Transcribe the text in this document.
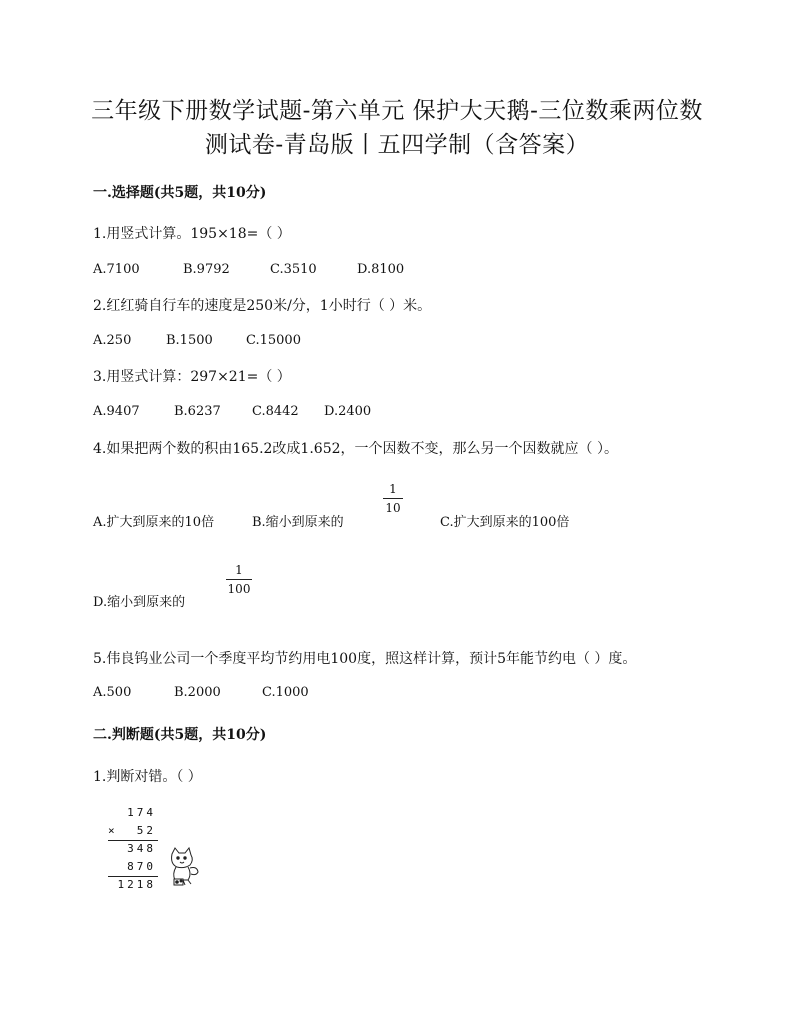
三年级下册数学试题-第六单元 保护大天鹅-三位数乘两位数
测试卷-青岛版丨五四学制（含答案）
一.选择题(共5题，共10分)
1.用竖式计算。195×18=（ ）
A.7100	B.9792	C.3510	D.8100
2.红红骑自行车的速度是250米/分，1小时行（ ）米。
A.250	B.1500	C.15000
3.用竖式计算：297×21=（ ）
A.9407	B.6237 C.8442 D.2400
4.如果把两个数的积由165.2改成1.652，一个因数不变，那么另一个因数就应（ ）。
1
10
A.扩大到原来的10倍	B.缩小到原来的	C.扩大到原来的100倍
1
100
D.缩小到原来的
5.伟良钨业公司一个季度平均节约用电100度，照这样计算，预计5年能节约电（ ）度。
A.500	B.2000	C.1000
二.判断题(共5题，共10分)
1.判断对错。（ ）
174
×	52
348
870
1218
